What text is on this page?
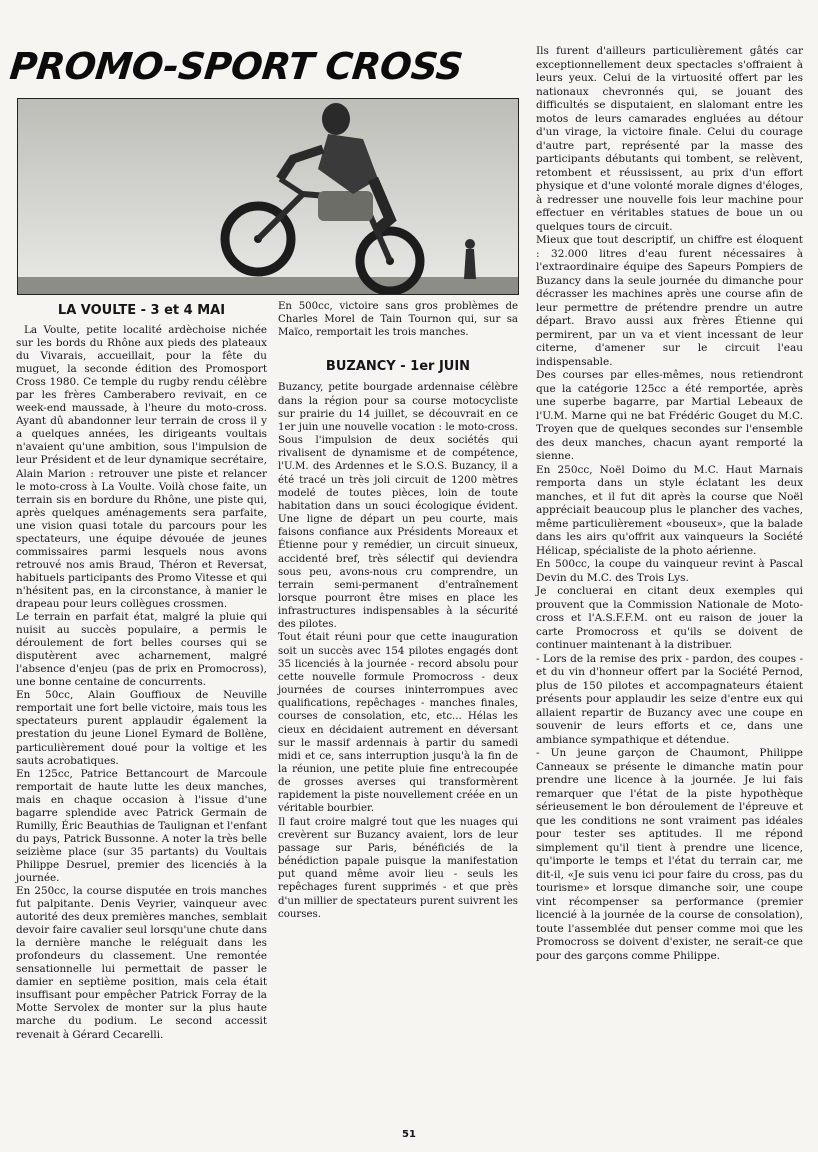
PROMO-SPORT CROSS
LA VOULTE - 3 et 4 MAI

La Voulte, petite localité ardèchoise nichée sur les bords du Rhône aux pieds des plateaux du Vivarais, accueillait, pour la fête du muguet, la seconde édition des Promosport Cross 1980. Ce temple du rugby rendu célèbre par les frères Camberabero revivait, en ce week-end maussade, à l'heure du moto-cross. Ayant dû abandonner leur terrain de cross il y a quelques années, les dirigeants voultais n'avaient qu'une ambition, sous l'impulsion de leur Président et de leur dynamique secrétaire, Alain Marion : retrouver une piste et relancer le moto-cross à La Voulte. Voilà chose faite, un terrain sis en bordure du Rhône, une piste qui, après quelques aménagements sera parfaite, une vision quasi totale du parcours pour les spectateurs, une équipe dévouée de jeunes commissaires parmi lesquels nous avons retrouvé nos amis Braud, Théron et Reversat, habituels participants des Promo Vitesse et qui n'hésitent pas, en la circonstance, à manier le drapeau pour leurs collègues crossmen.

Le terrain en parfait état, malgré la pluie qui nuisit au succès populaire, a permis le déroulement de fort belles courses qui se disputèrent avec acharnement, malgré l'absence d'enjeu (pas de prix en Promocross), une bonne centaine de concurrents.

En 50cc, Alain Gouffioux de Neuville remportait une fort belle victoire, mais tous les spectateurs purent applaudir également la prestation du jeune Lionel Eymard de Bollène, particulièrement doué pour la voltige et les sauts acrobatiques.

En 125cc, Patrice Bettancourt de Marcoule remportait de haute lutte les deux manches, mais en chaque occasion à l'issue d'une bagarre splendide avec Patrick Germain de Rumilly, Éric Beauthias de Taulignan et l'enfant du pays, Patrick Bussonne. A noter la très belle seizième place (sur 35 partants) du Voultais Philippe Desruel, premier des licenciés à la journée.

En 250cc, la course disputée en trois manches fut palpitante. Denis Veyrier, vainqueur avec autorité des deux premières manches, semblait devoir faire cavalier seul lorsqu'une chute dans la dernière manche le reléguait dans les profondeurs du classement. Une remontée sensationnelle lui permettait de passer le damier en septième position, mais cela était insuffisant pour empêcher Patrick Forray de la Motte Servolex de monter sur la plus haute marche du podium. Le second accessit revenait à Gérard Cecarelli.

En 500cc, victoire sans gros problèmes de Charles Morel de Tain Tournon qui, sur sa Maïco, remportait les trois manches.

BUZANCY - 1er JUIN

Buzancy, petite bourgade ardennaise célèbre dans la région pour sa course motocycliste sur prairie du 14 juillet, se découvrait en ce 1er juin une nouvelle vocation : le moto-cross. Sous l'impulsion de deux sociétés qui rivalisent de dynamisme et de compétence, l'U.M. des Ardennes et le S.O.S. Buzancy, il a été tracé un très joli circuit de 1200 mètres modelé de toutes pièces, loin de toute habitation dans un souci écologique évident. Une ligne de départ un peu courte, mais faisons confiance aux Présidents Moreaux et Étienne pour y remédier, un circuit sinueux, accidenté bref, très sélectif qui deviendra sous peu, avons-nous cru comprendre, un terrain semi-permanent d'entraînement lorsque pourront être mises en place les infrastructures indispensables à la sécurité des pilotes.

Tout était réuni pour que cette inauguration soit un succès avec 154 pilotes engagés dont 35 licenciés à la journée - record absolu pour cette nouvelle formule Promocross - deux journées de courses ininterrompues avec qualifications, repêchages - manches finales, courses de consolation, etc, etc... Hélas les cieux en décidaient autrement en déversant sur le massif ardennais à partir du samedi midi et ce, sans interruption jusqu'à la fin de la réunion, une petite pluie fine entrecoupée de grosses averses qui transformèrent rapidement la piste nouvellement créée en un véritable bourbier.

Il faut croire malgré tout que les nuages qui crevèrent sur Buzancy avaient, lors de leur passage sur Paris, bénéficiés de la bénédiction papale puisque la manifestation put quand même avoir lieu - seuls les repêchages furent supprimés - et que près d'un millier de spectateurs purent suivrent les courses.

Ils furent d'ailleurs particulièrement gâtés car exceptionnellement deux spectacles s'offraient à leurs yeux. Celui de la virtuosité offert par les nationaux chevronnés qui, se jouant des difficultés se disputaient, en slalomant entre les motos de leurs camarades engluées au détour d'un virage, la victoire finale. Celui du courage d'autre part, représenté par la masse des participants débutants qui tombent, se relèvent, retombent et réussissent, au prix d'un effort physique et d'une volonté morale dignes d'éloges, à redresser une nouvelle fois leur machine pour effectuer en véritables statues de boue un ou quelques tours de circuit.

Mieux que tout descriptif, un chiffre est éloquent : 32.000 litres d'eau furent nécessaires à l'extraordinaire équipe des Sapeurs Pompiers de Buzancy dans la seule journée du dimanche pour décrasser les machines après une course afin de leur permettre de prétendre prendre un autre départ. Bravo aussi aux frères Étienne qui permirent, par un va et vient incessant de leur citerne, d'amener sur le circuit l'eau indispensable.

Des courses par elles-mêmes, nous retiendront que la catégorie 125cc a été remportée, après une superbe bagarre, par Martial Lebeaux de l'U.M. Marne qui ne bat Frédéric Gouget du M.C. Troyen que de quelques secondes sur l'ensemble des deux manches, chacun ayant remporté la sienne.

En 250cc, Noël Doimo du M.C. Haut Marnais remporta dans un style éclatant les deux manches, et il fut dit après la course que Noël appréciait beaucoup plus le plancher des vaches, même particulièrement «bouseux», que la balade dans les airs qu'offrit aux vainqueurs la Société Hélicap, spécialiste de la photo aérienne.

En 500cc, la coupe du vainqueur revint à Pascal Devin du M.C. des Trois Lys.

Je concluerai en citant deux exemples qui prouvent que la Commission Nationale de Moto-cross et l'A.S.F.F.M. ont eu raison de jouer la carte Promocross et qu'ils se doivent de continuer maintenant à la distribuer.

- Lors de la remise des prix - pardon, des coupes - et du vin d'honneur offert par la Société Pernod, plus de 150 pilotes et accompagnateurs étaient présents pour applaudir les seize d'entre eux qui allaient repartir de Buzancy avec une coupe en souvenir de leurs efforts et ce, dans une ambiance sympathique et détendue.

- Un jeune garçon de Chaumont, Philippe Canneaux se présente le dimanche matin pour prendre une licence à la journée. Je lui fais remarquer que l'état de la piste hypothèque sérieusement le bon déroulement de l'épreuve et que les conditions ne sont vraiment pas idéales pour tester ses aptitudes. Il me répond simplement qu'il tient à prendre une licence, qu'importe le temps et l'état du terrain car, me dit-il, «Je suis venu ici pour faire du cross, pas du tourisme» et lorsque dimanche soir, une coupe vint récompenser sa performance (premier licencié à la journée de la course de consolation), toute l'assemblée dut penser comme moi que les Promocross se doivent d'exister, ne serait-ce que pour des garçons comme Philippe.

51
